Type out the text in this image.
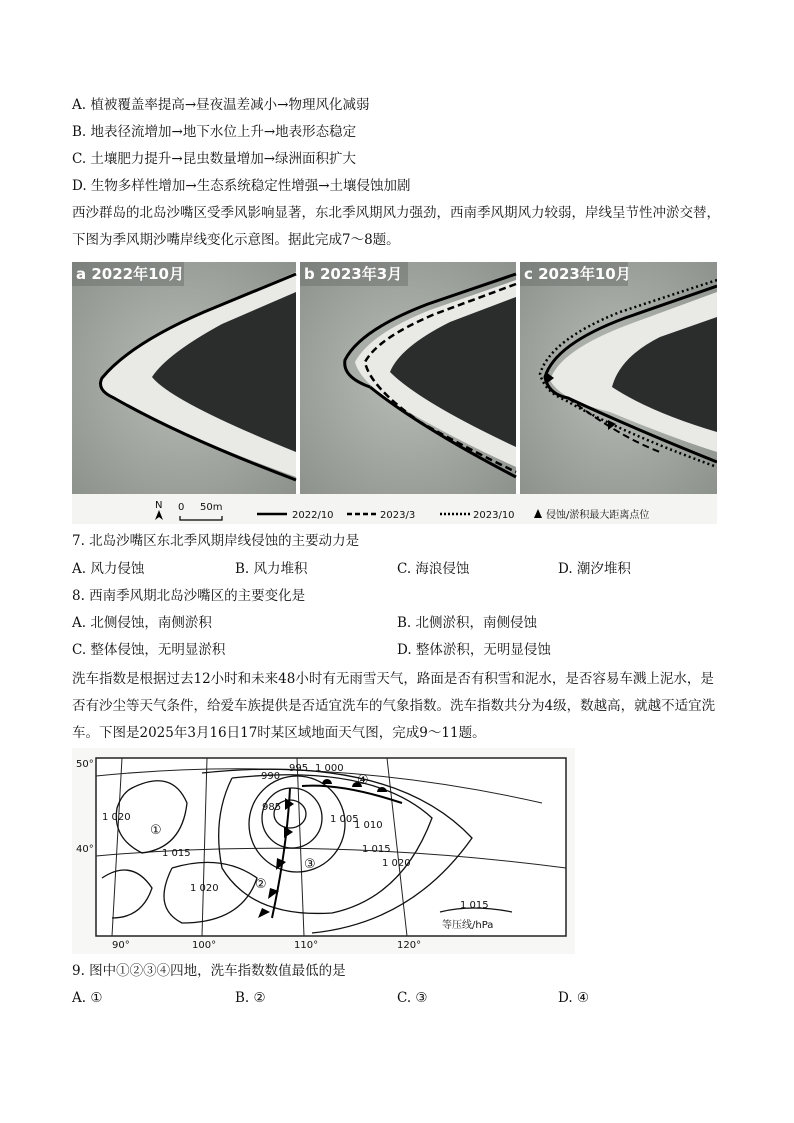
A. 植被覆盖率提高→昼夜温差减小→物理风化减弱
B. 地表径流增加→地下水位上升→地表形态稳定
C. 土壤肥力提升→昆虫数量增加→绿洲面积扩大
D. 生物多样性增加→生态系统稳定性增强→土壤侵蚀加剧
西沙群岛的北岛沙嘴区受季风影响显著，东北季风期风力强劲，西南季风期风力较弱，岸线呈节性冲淤交替，下图为季风期沙嘴岸线变化示意图。据此完成7～8题。
a 2022年10月	b 2023年3月	c 2023年10月
N 0 50m
2022/10	2023/3	2023/10	侵蚀/淤积最大距离点位
7. 北岛沙嘴区东北季风期岸线侵蚀的主要动力是
A. 风力侵蚀	B. 风力堆积	C. 海浪侵蚀	D. 潮汐堆积
8. 西南季风期北岛沙嘴区的主要变化是
A. 北侧侵蚀，南侧淤积	B. 北侧淤积，南侧侵蚀
C. 整体侵蚀，无明显淤积	D. 整体淤积，无明显侵蚀
洗车指数是根据过去12小时和未来48小时有无雨雪天气，路面是否有积雪和泥水，是否容易车溅上泥水，是否有沙尘等天气条件，给爱车族提供是否适宜洗车的气象指数。洗车指数共分为4级，数越高，就越不适宜洗车。下图是2025年3月16日17时某区域地面天气图，完成9～11题。
990
995 1 000
985
1 005
1 010
1 015
1 020
1 020
1 015
1 020
50°
40°
90°	100°	110°	120°
①
②
③
④
1 015
等压线/hPa
9. 图中①②③④四地，洗车指数数值最低的是
A. ①	B. ②	C. ③	D. ④
